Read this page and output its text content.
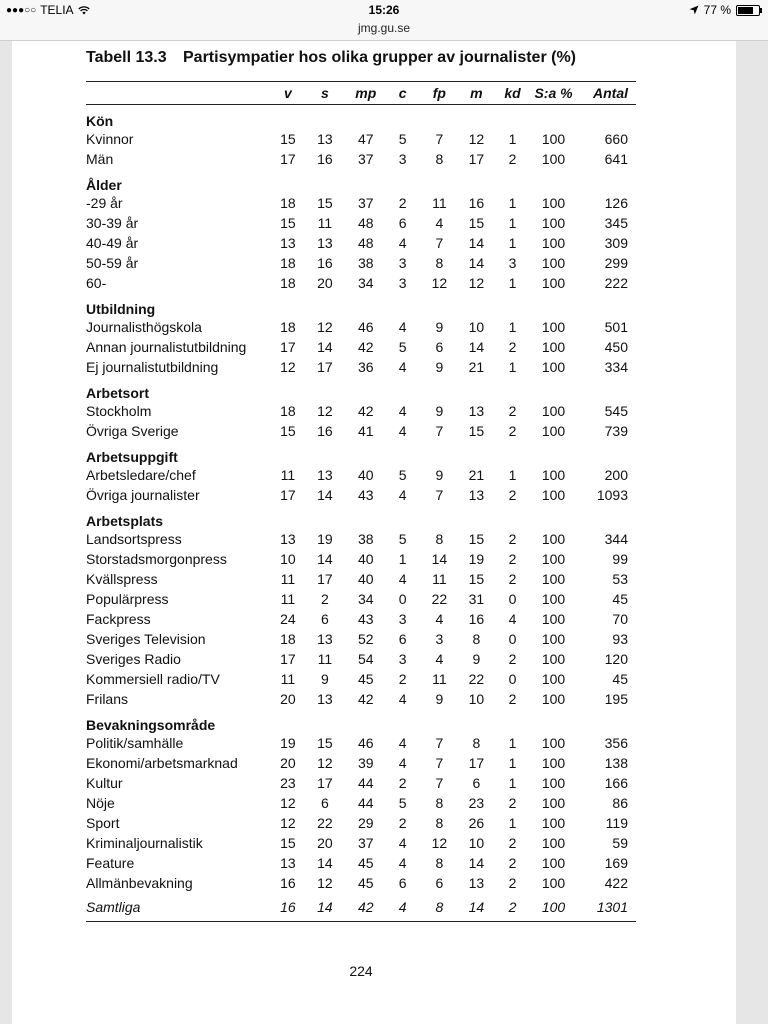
●●●○○ TELIA	15:26	77 %
jmg.gu.se
Tabell 13.3 Partisympatier hos olika grupper av journalister (%)
	v	s	mp	c	fp	m	kd	S:a %	Antal
Kön									
Kvinnor	15	13	47	5	7	12	1	100	660
Män	17	16	37	3	8	17	2	100	641
Ålder									
-29 år	18	15	37	2	11	16	1	100	126
30-39 år	15	11	48	6	4	15	1	100	345
40-49 år	13	13	48	4	7	14	1	100	309
50-59 år	18	16	38	3	8	14	3	100	299
60-	18	20	34	3	12	12	1	100	222
Utbildning									
Journalisthögskola	18	12	46	4	9	10	1	100	501
Annan journalistutbildning	17	14	42	5	6	14	2	100	450
Ej journalistutbildning	12	17	36	4	9	21	1	100	334
Arbetsort									
Stockholm	18	12	42	4	9	13	2	100	545
Övriga Sverige	15	16	41	4	7	15	2	100	739
Arbetsuppgift									
Arbetsledare/chef	11	13	40	5	9	21	1	100	200
Övriga journalister	17	14	43	4	7	13	2	100	1093
Arbetsplats									
Landsortspress	13	19	38	5	8	15	2	100	344
Storstadsmorgonpress	10	14	40	1	14	19	2	100	99
Kvällspress	11	17	40	4	11	15	2	100	53
Populärpress	11	2	34	0	22	31	0	100	45
Fackpress	24	6	43	3	4	16	4	100	70
Sveriges Television	18	13	52	6	3	8	0	100	93
Sveriges Radio	17	11	54	3	4	9	2	100	120
Kommersiell radio/TV	11	9	45	2	11	22	0	100	45
Frilans	20	13	42	4	9	10	2	100	195
Bevakningsområde									
Politik/samhälle	19	15	46	4	7	8	1	100	356
Ekonomi/arbetsmarknad	20	12	39	4	7	17	1	100	138
Kultur	23	17	44	2	7	6	1	100	166
Nöje	12	6	44	5	8	23	2	100	86
Sport	12	22	29	2	8	26	1	100	119
Kriminaljournalistik	15	20	37	4	12	10	2	100	59
Feature	13	14	45	4	8	14	2	100	169
Allmänbevakning	16	12	45	6	6	13	2	100	422
Samtliga	16	14	42	4	8	14	2	100	1301
224
